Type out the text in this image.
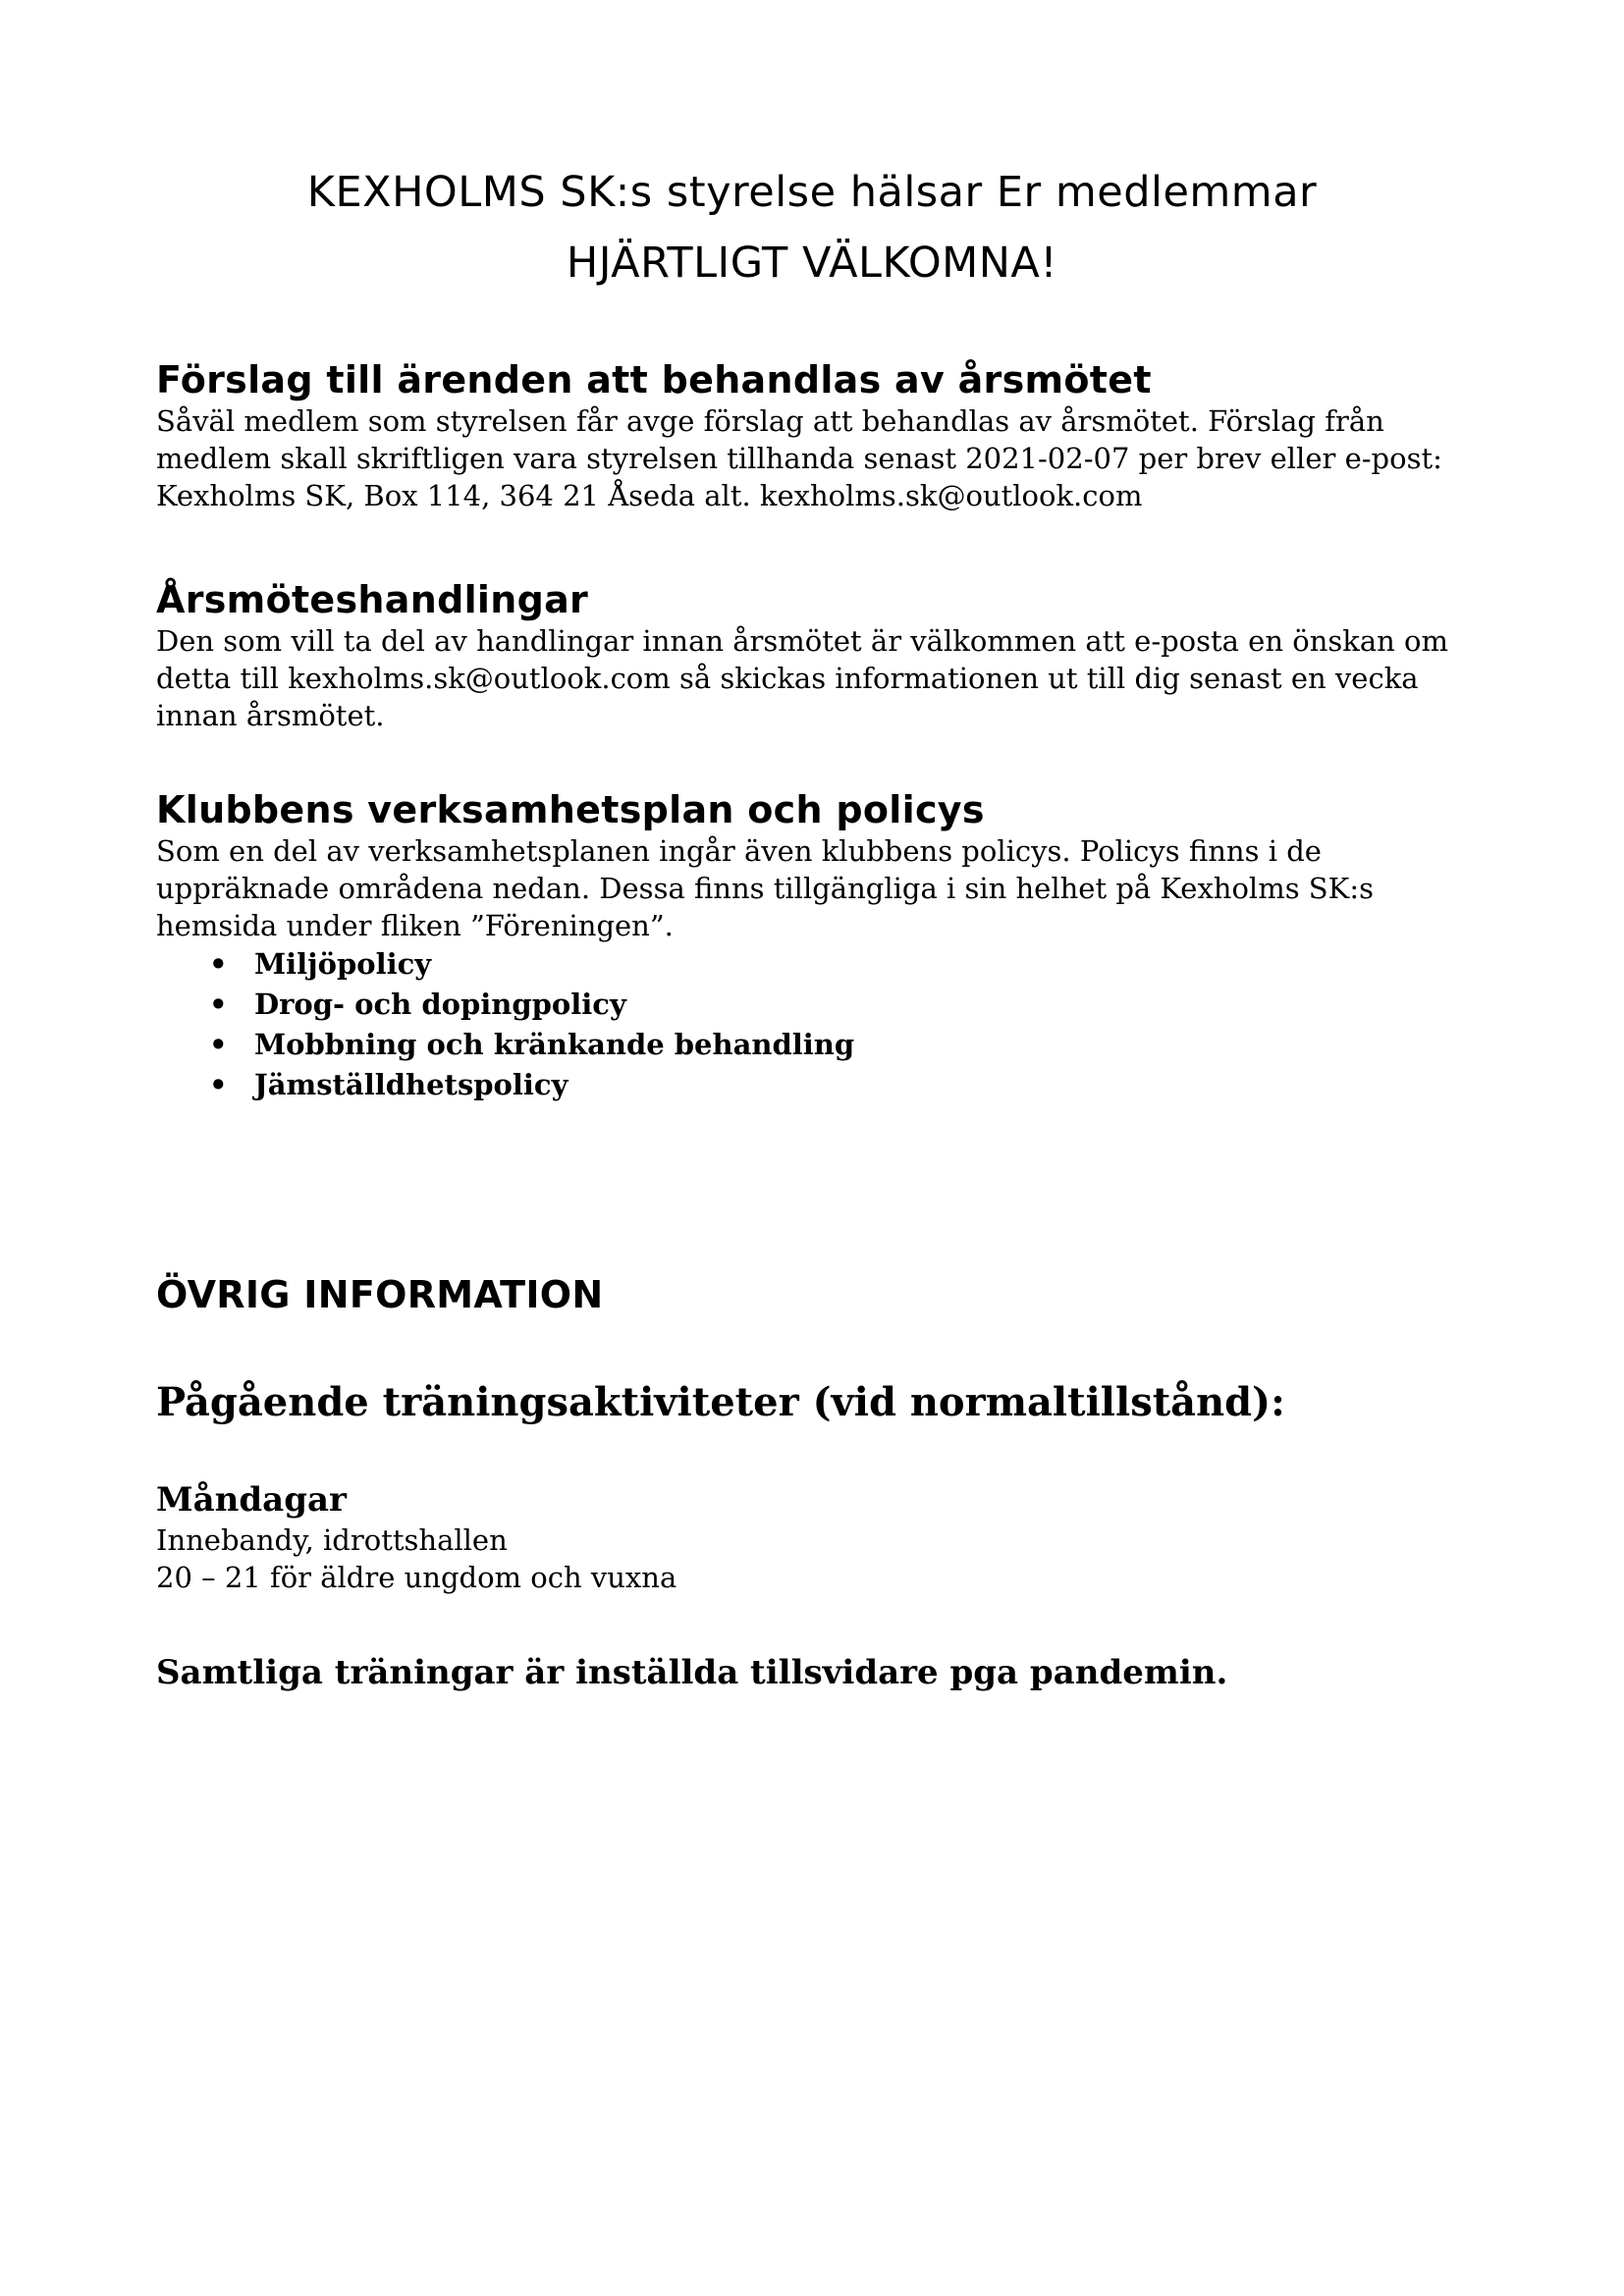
KEXHOLMS SK:s styrelse hälsar Er medlemmar
HJÄRTLIGT VÄLKOMNA!
Förslag till ärenden att behandlas av årsmötet

Såväl medlem som styrelsen får avge förslag att behandlas av årsmötet. Förslag från
medlem skall skriftligen vara styrelsen tillhanda senast 2021-02-07 per brev eller e-post:
Kexholms SK, Box 114, 364 21 Åseda alt. kexholms.sk@outlook.com

Årsmöteshandlingar

Den som vill ta del av handlingar innan årsmötet är välkommen att e-posta en önskan om
detta till kexholms.sk@outlook.com så skickas informationen ut till dig senast en vecka
innan årsmötet.

Klubbens verksamhetsplan och policys

Som en del av verksamhetsplanen ingår även klubbens policys. Policys finns i de
uppräknade områdena nedan. Dessa finns tillgängliga i sin helhet på Kexholms SK:s
hemsida under fliken ”Föreningen”.

• Miljöpolicy
• Drog- och dopingpolicy
• Mobbning och kränkande behandling
• Jämställdhetspolicy
ÖVRIG INFORMATION
Pågående träningsaktiviteter (vid normaltillstånd):
Måndagar
Innebandy, idrottshallen
20 – 21 för äldre ungdom och vuxna

Samtliga träningar är inställda tillsvidare pga pandemin.
